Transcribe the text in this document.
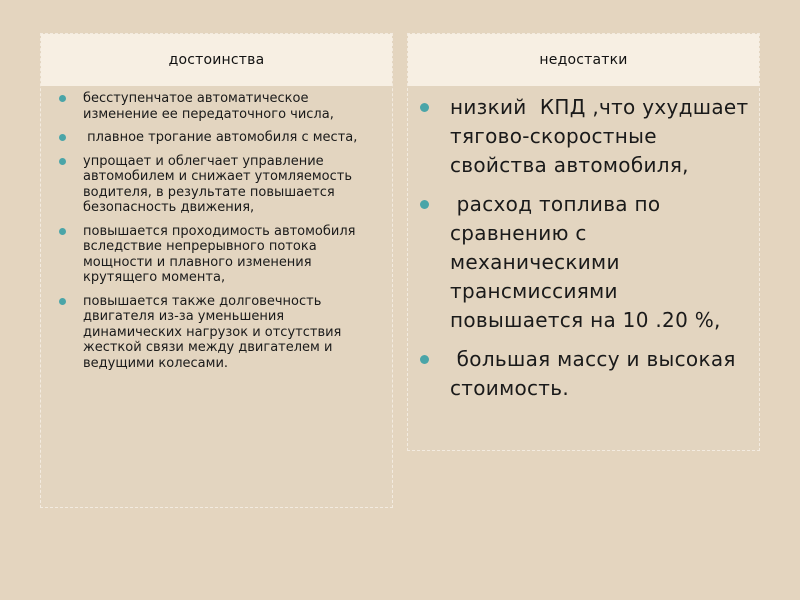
достоинства
бесступенчатое автоматическое изменение ее передаточного числа,
плавное трогание автомобиля с места,
упрощает и облегчает управление автомобилем и снижает утомляемость водителя, в результате повышается безопасность движения,
повышается проходимость автомобиля вследствие непрерывного потока мощности и плавного изменения крутящего момента,
повышается также долговечность двигателя из-за уменьшения динамических нагрузок и отсутствия жесткой связи между двигателем и ведущими колесами.
недостатки
низкий  КПД ,что ухудшает тягово-скоростные свойства автомобиля,
расход топлива по сравнению с механическими трансмиссиями повышается на 10 .20 %,
большая массу и высокая стоимость.
